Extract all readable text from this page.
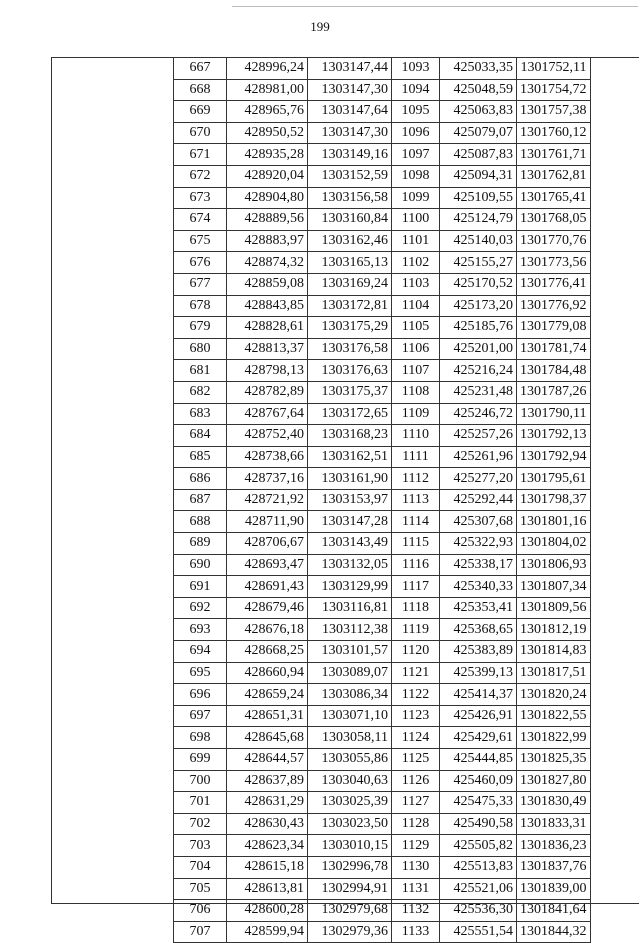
199
667	428996,24	1303147,44	1093	425033,35	1301752,11
668	428981,00	1303147,30	1094	425048,59	1301754,72
669	428965,76	1303147,64	1095	425063,83	1301757,38
670	428950,52	1303147,30	1096	425079,07	1301760,12
671	428935,28	1303149,16	1097	425087,83	1301761,71
672	428920,04	1303152,59	1098	425094,31	1301762,81
673	428904,80	1303156,58	1099	425109,55	1301765,41
674	428889,56	1303160,84	1100	425124,79	1301768,05
675	428883,97	1303162,46	1101	425140,03	1301770,76
676	428874,32	1303165,13	1102	425155,27	1301773,56
677	428859,08	1303169,24	1103	425170,52	1301776,41
678	428843,85	1303172,81	1104	425173,20	1301776,92
679	428828,61	1303175,29	1105	425185,76	1301779,08
680	428813,37	1303176,58	1106	425201,00	1301781,74
681	428798,13	1303176,63	1107	425216,24	1301784,48
682	428782,89	1303175,37	1108	425231,48	1301787,26
683	428767,64	1303172,65	1109	425246,72	1301790,11
684	428752,40	1303168,23	1110	425257,26	1301792,13
685	428738,66	1303162,51	1111	425261,96	1301792,94
686	428737,16	1303161,90	1112	425277,20	1301795,61
687	428721,92	1303153,97	1113	425292,44	1301798,37
688	428711,90	1303147,28	1114	425307,68	1301801,16
689	428706,67	1303143,49	1115	425322,93	1301804,02
690	428693,47	1303132,05	1116	425338,17	1301806,93
691	428691,43	1303129,99	1117	425340,33	1301807,34
692	428679,46	1303116,81	1118	425353,41	1301809,56
693	428676,18	1303112,38	1119	425368,65	1301812,19
694	428668,25	1303101,57	1120	425383,89	1301814,83
695	428660,94	1303089,07	1121	425399,13	1301817,51
696	428659,24	1303086,34	1122	425414,37	1301820,24
697	428651,31	1303071,10	1123	425426,91	1301822,55
698	428645,68	1303058,11	1124	425429,61	1301822,99
699	428644,57	1303055,86	1125	425444,85	1301825,35
700	428637,89	1303040,63	1126	425460,09	1301827,80
701	428631,29	1303025,39	1127	425475,33	1301830,49
702	428630,43	1303023,50	1128	425490,58	1301833,31
703	428623,34	1303010,15	1129	425505,82	1301836,23
704	428615,18	1302996,78	1130	425513,83	1301837,76
705	428613,81	1302994,91	1131	425521,06	1301839,00
706	428600,28	1302979,68	1132	425536,30	1301841,64
707	428599,94	1302979,36	1133	425551,54	1301844,32
